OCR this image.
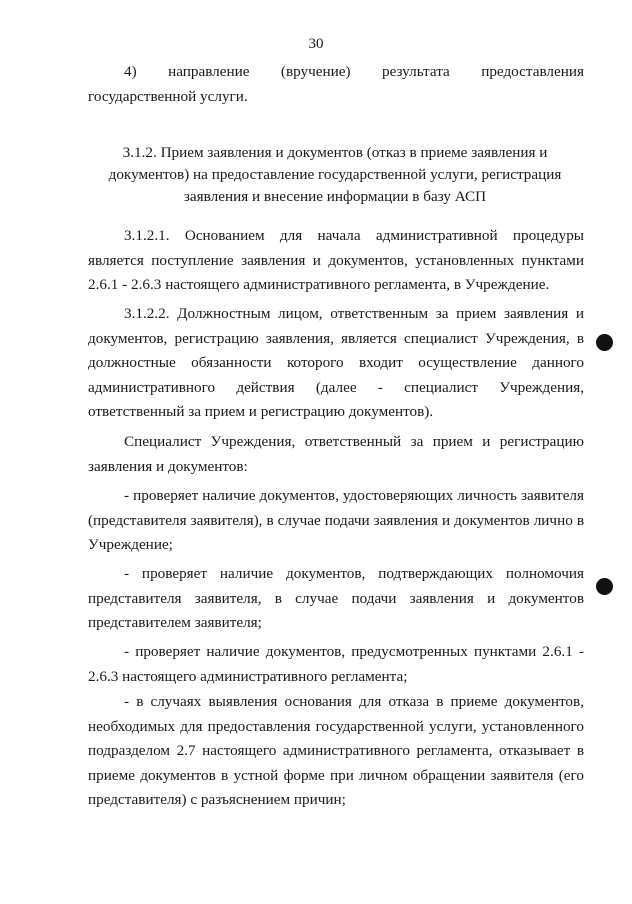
30

4) направление (вручение) результата предоставления государственной услуги.

3.1.2. Прием заявления и документов (отказ в приеме заявления и документов) на предоставление государственной услуги, регистрация заявления и внесение информации в базу АСП

3.1.2.1. Основанием для начала административной процедуры является поступление заявления и документов, установленных пунктами 2.6.1 - 2.6.3 настоящего административного регламента, в Учреждение.

3.1.2.2. Должностным лицом, ответственным за прием заявления и документов, регистрацию заявления, является специалист Учреждения, в должностные обязанности которого входит осуществление данного административного действия (далее - специалист Учреждения, ответственный за прием и регистрацию документов).

Специалист Учреждения, ответственный за прием и регистрацию заявления и документов:

- проверяет наличие документов, удостоверяющих личность заявителя (представителя заявителя), в случае подачи заявления и документов лично в Учреждение;

- проверяет наличие документов, подтверждающих полномочия представителя заявителя, в случае подачи заявления и документов представителем заявителя;

- проверяет наличие документов, предусмотренных пунктами 2.6.1 - 2.6.3 настоящего административного регламента;

- в случаях выявления основания для отказа в приеме документов, необходимых для предоставления государственной услуги, установленного подразделом 2.7 настоящего административного регламента, отказывает в приеме документов в устной форме при личном обращении заявителя (его представителя) с разъяснением причин;
